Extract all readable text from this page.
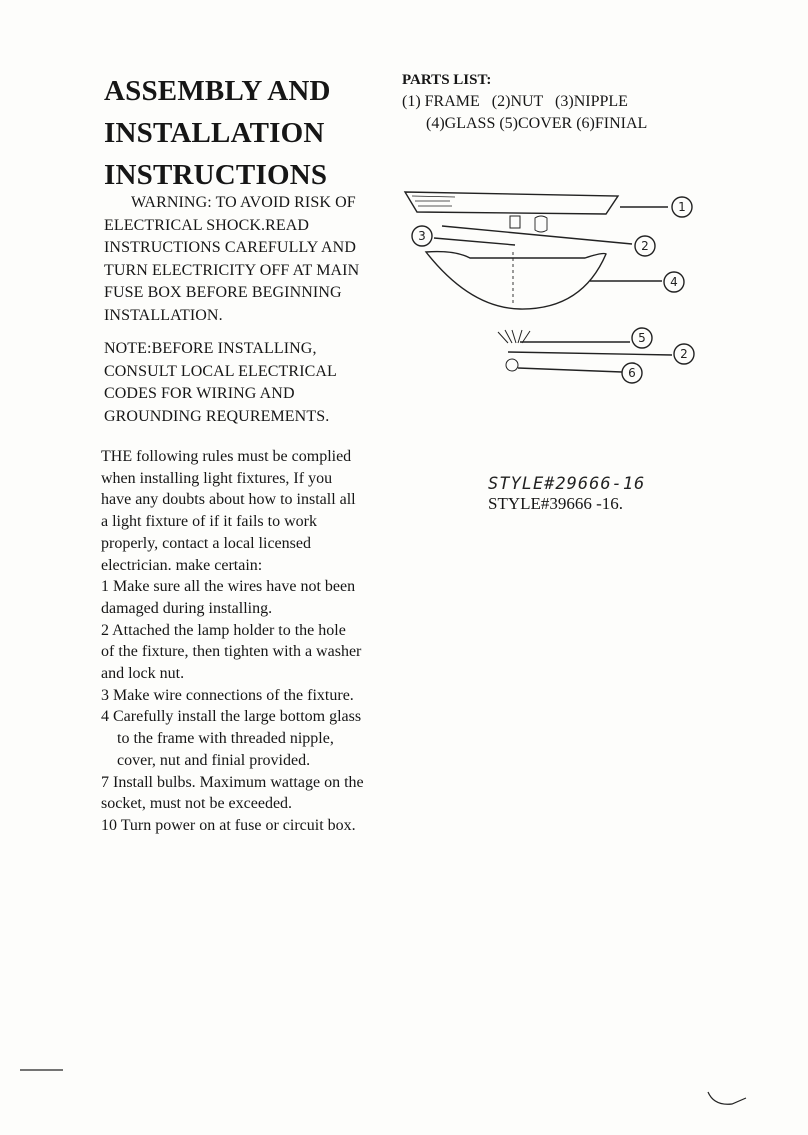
ASSEMBLY AND
INSTALLATION
INSTRUCTIONS
WARNING: TO AVOID RISK OF
ELECTRICAL SHOCK.READ
INSTRUCTIONS CAREFULLY AND
TURN ELECTRICITY OFF AT MAIN
FUSE BOX BEFORE BEGINNING
INSTALLATION.
NOTE:BEFORE INSTALLING,
CONSULT LOCAL ELECTRICAL
CODES FOR WIRING AND
GROUNDING REQUREMENTS.
THE following rules must be complied
when installing light fixtures, If you
have any doubts about how to install all
a light fixture of if it fails to work
properly, contact a local licensed
electrician. make certain:
1 Make sure all the wires have not been
damaged during installing.
2 Attached the lamp holder to the hole
of the fixture, then tighten with a washer
and lock nut.
3 Make wire connections of the fixture.
4 Carefully install the large bottom glass
to the frame with threaded nipple,
cover, nut and finial provided.
7 Install bulbs. Maximum wattage on the
socket, must not be exceeded.
10 Turn power on at fuse or circuit box.
PARTS LIST:
(1) FRAME   (2)NUT   (3)NIPPLE
(4)GLASS (5)COVER (6)FINIAL
1
3
2
4
5
2
6
STYLE#29666-16
STYLE#39666 -16.
